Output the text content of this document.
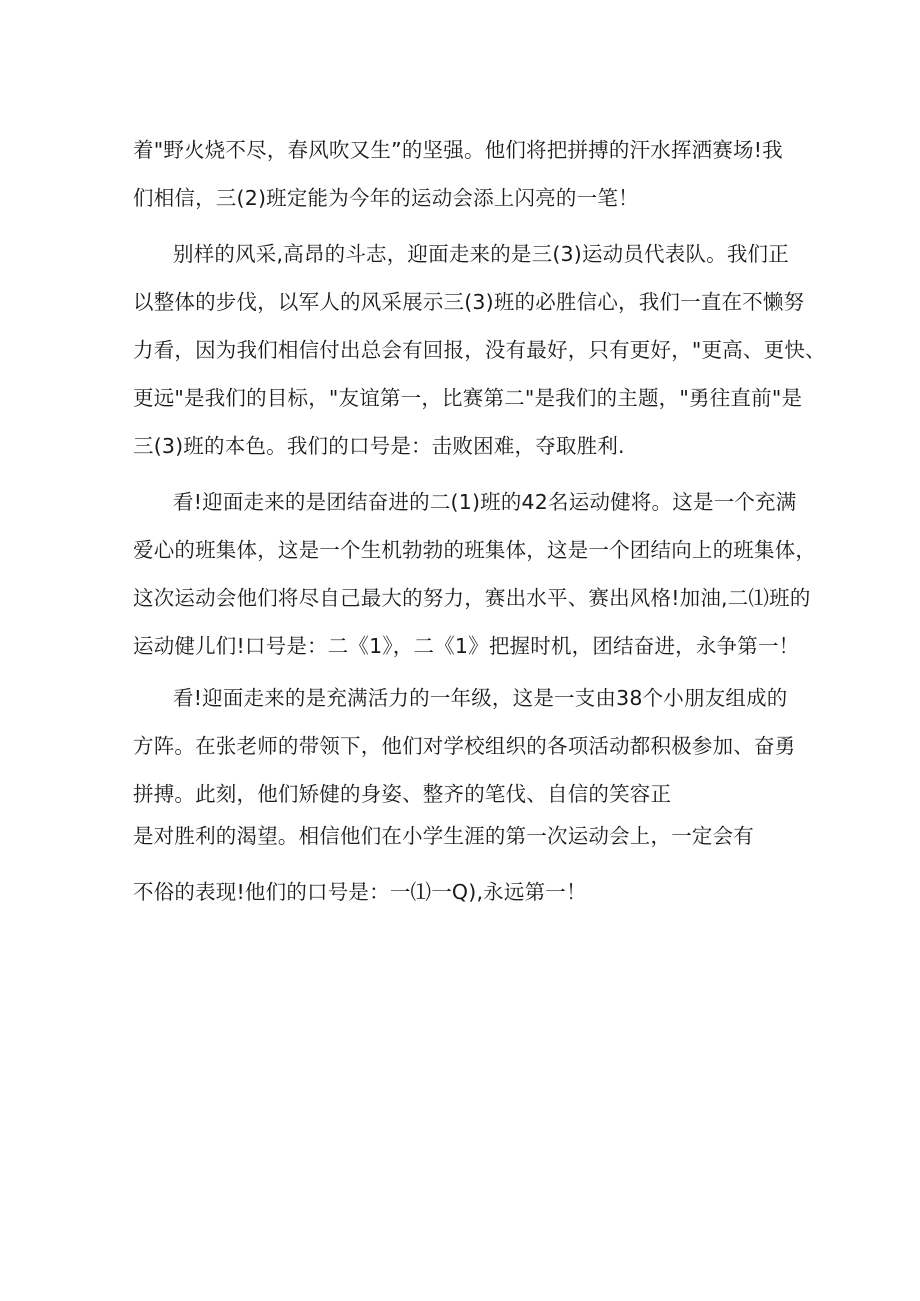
着"野火烧不尽，春风吹又生”的坚强。他们将把拼搏的汗水挥洒赛场!我
们相信，三(2)班定能为今年的运动会添上闪亮的一笔！
别样的风采,高昂的斗志，迎面走来的是三(3)运动员代表队。我们正
以整体的步伐，以军人的风采展示三(3)班的必胜信心，我们一直在不懒努
力看，因为我们相信付出总会有回报，没有最好，只有更好，"更高、更快、
更远"是我们的目标，"友谊第一，比赛第二"是我们的主题，"勇往直前"是
三(3)班的本色。我们的口号是：击败困难，夺取胜利.
看!迎面走来的是团结奋进的二(1)班的42名运动健将。这是一个充满
爱心的班集体，这是一个生机勃勃的班集体，这是一个团结向上的班集体，
这次运动会他们将尽自己最大的努力，赛出水平、赛出风格!加油,二⑴班的
运动健儿们!口号是：二《1》，二《1》把握时机，团结奋进，永争第一！
看!迎面走来的是充满活力的一年级，这是一支由38个小朋友组成的
方阵。在张老师的带领下，他们对学校组织的各项活动都积极参加、奋勇
拼搏。此刻，他们矫健的身姿、整齐的笔伐、自信的笑容正
是对胜利的渴望。相信他们在小学生涯的第一次运动会上，一定会有
不俗的表现!他们的口号是：一⑴一Q),永远第一！
